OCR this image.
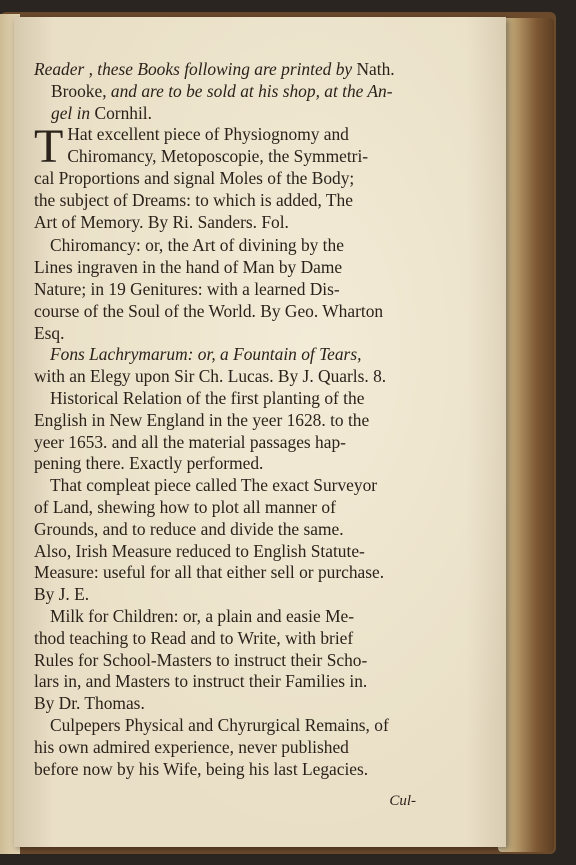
Reader , these Books following are printed by Nath.
Brooke, and are to be sold at his shop, at the An-
gel in Cornhil.

T Hat excellent piece of Physiognomy and
Chiromancy, Metoposcopie, the Symmetri-
cal Proportions and signal Moles of the Body;
the subject of Dreams: to which is added, The
Art of Memory. By Ri. Sanders. Fol.

Chiromancy: or, the Art of divining by the
Lines ingraven in the hand of Man by Dame
Nature; in 19 Genitures: with a learned Dis-
course of the Soul of the World. By Geo. Wharton
Esq.

Fons Lachrymarum: or, a Fountain of Tears,
with an Elegy upon Sir Ch. Lucas. By J. Quarls. 8.

Historical Relation of the first planting of the
English in New England in the yeer 1628. to the
yeer 1653. and all the material passages hap-
pening there. Exactly performed.

That compleat piece called The exact Surveyor
of Land, shewing how to plot all manner of
Grounds, and to reduce and divide the same.
Also, Irish Measure reduced to English Statute-
Measure: useful for all that either sell or purchase.
By J. E.

Milk for Children: or, a plain and easie Me-
thod teaching to Read and to Write, with brief
Rules for School-Masters to instruct their Scho-
lars in, and Masters to instruct their Families in.
By Dr. Thomas.

Culpepers Physical and Chyrurgical Remains, of
his own admired experience, never published
before now by his Wife, being his last Legacies.

Cul-
